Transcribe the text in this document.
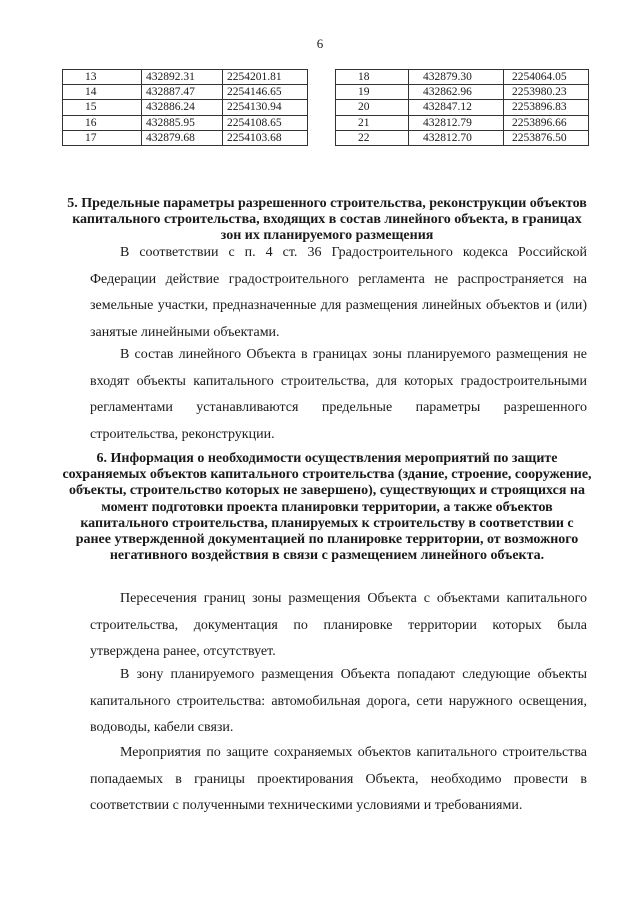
6
13	432892.31	2254201.81
14	432887.47	2254146.65
15	432886.24	2254130.94
16	432885.95	2254108.65
17	432879.68	2254103.68
18	432879.30	2254064.05
19	432862.96	2253980.23
20	432847.12	2253896.83
21	432812.79	2253896.66
22	432812.70	2253876.50

5. Предельные параметры разрешенного строительства, реконструкции объектов капитального строительства, входящих в состав линейного объекта, в границах зон их планируемого размещения

В соответствии с п. 4 ст. 36 Градостроительного кодекса Российской Федерации действие градостроительного регламента не распространяется на земельные участки, предназначенные для размещения линейных объектов и (или) занятые линейными объектами.

В состав линейного Объекта в границах зоны планируемого размещения не входят объекты капитального строительства, для которых градостроительными регламентами устанавливаются предельные параметры разрешенного строительства, реконструкции.

6. Информация о необходимости осуществления мероприятий по защите сохраняемых объектов капитального строительства (здание, строение, сооружение, объекты, строительство которых не завершено), существующих и строящихся на момент подготовки проекта планировки территории, а также объектов капитального строительства, планируемых к строительству в соответствии с ранее утвержденной документацией по планировке территории, от возможного негативного воздействия в связи с размещением линейного объекта.

Пересечения границ зоны размещения Объекта с объектами капитального строительства, документация по планировке территории которых была утверждена ранее, отсутствует.

В зону планируемого размещения Объекта попадают следующие объекты капитального строительства: автомобильная дорога, сети наружного освещения, водоводы, кабели связи.

Мероприятия по защите сохраняемых объектов капитального строительства попадаемых в границы проектирования Объекта, необходимо провести в соответствии с полученными техническими условиями и требованиями.
